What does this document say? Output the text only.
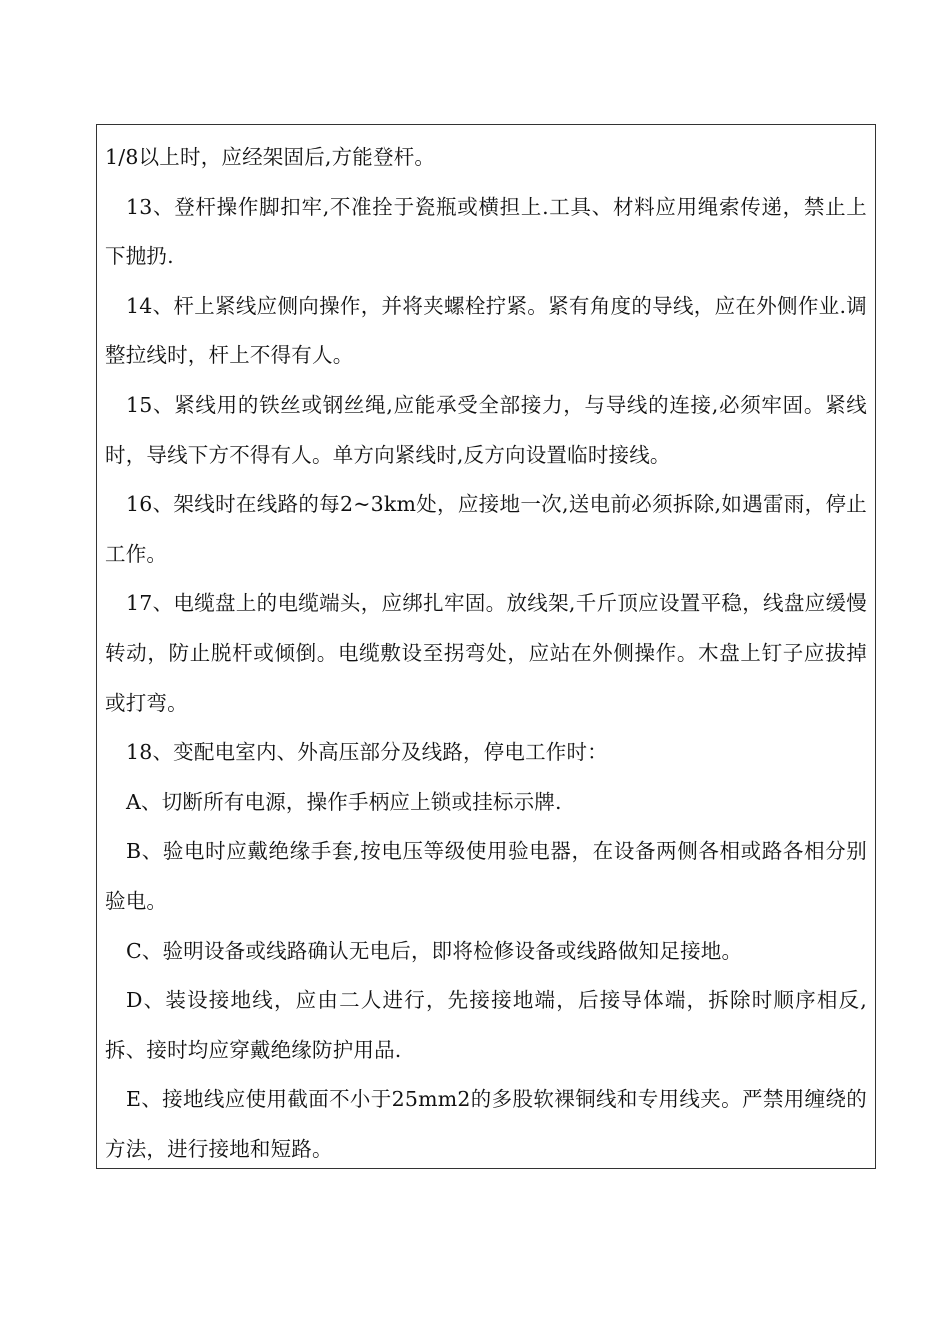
1/8以上时，应经架固后,方能登杆。

13、登杆操作脚扣牢,不准拴于瓷瓶或横担上.工具、材料应用绳索传递，禁止上下抛扔.

14、杆上紧线应侧向操作，并将夹螺栓拧紧。紧有角度的导线，应在外侧作业.调整拉线时，杆上不得有人。

15、紧线用的铁丝或钢丝绳,应能承受全部接力，与导线的连接,必须牢固。紧线时，导线下方不得有人。单方向紧线时,反方向设置临时接线。

16、架线时在线路的每2~3km处，应接地一次,送电前必须拆除,如遇雷雨，停止工作。

17、电缆盘上的电缆端头，应绑扎牢固。放线架,千斤顶应设置平稳，线盘应缓慢转动，防止脱杆或倾倒。电缆敷设至拐弯处，应站在外侧操作。木盘上钉子应拔掉或打弯。

18、变配电室内、外高压部分及线路，停电工作时：

A、切断所有电源，操作手柄应上锁或挂标示牌.

B、验电时应戴绝缘手套,按电压等级使用验电器，在设备两侧各相或路各相分别验电。

C、验明设备或线路确认无电后，即将检修设备或线路做知足接地。

D、装设接地线，应由二人进行，先接接地端，后接导体端，拆除时顺序相反,拆、接时均应穿戴绝缘防护用品.

E、接地线应使用截面不小于25mm2的多股软裸铜线和专用线夹。严禁用缠绕的方法，进行接地和短路。
